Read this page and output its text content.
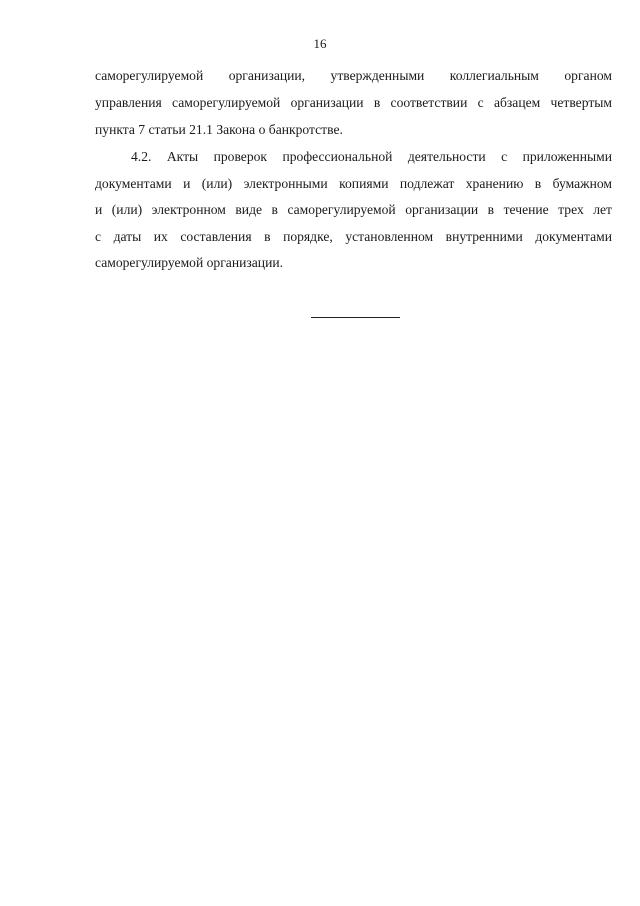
16
саморегулируемой организации, утвержденными коллегиальным органом
управления саморегулируемой организации в соответствии с абзацем четвертым
пункта 7 статьи 21.1 Закона о банкротстве.
4.2. Акты проверок профессиональной деятельности с приложенными
документами и (или) электронными копиями подлежат хранению в бумажном
и (или) электронном виде в саморегулируемой организации в течение трех лет
с даты их составления в порядке, установленном внутренними документами
саморегулируемой организации.
